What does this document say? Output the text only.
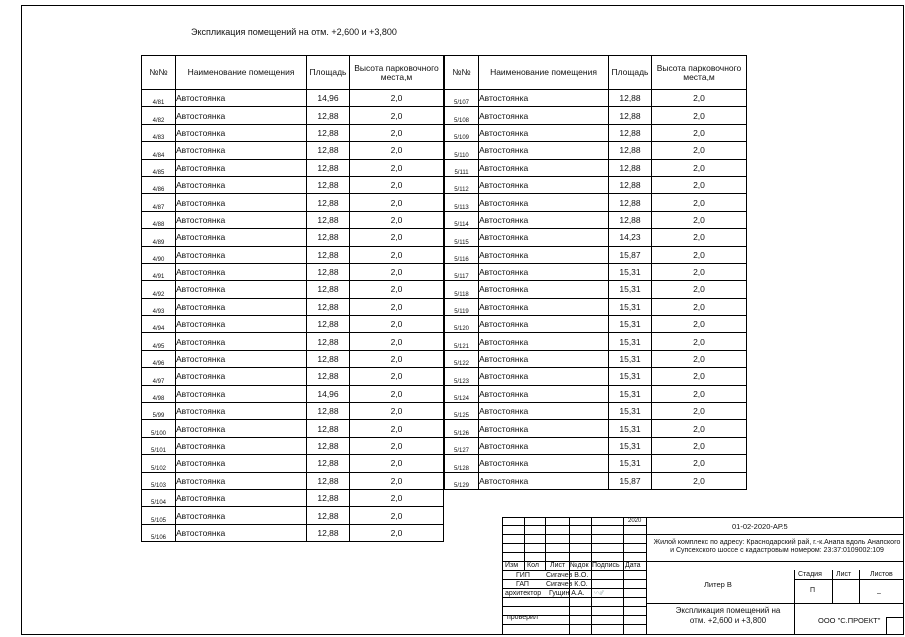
Экспликация помещений на отм. +2,600 и +3,800
№№	Наименование помещения	Площадь	Высота парковочного места,м
4/81	Автостоянка	14,96	2,0
4/82	Автостоянка	12,88	2,0
4/83	Автостоянка	12,88	2,0
4/84	Автостоянка	12,88	2,0
4/85	Автостоянка	12,88	2,0
4/86	Автостоянка	12,88	2,0
4/87	Автостоянка	12,88	2,0
4/88	Автостоянка	12,88	2,0
4/89	Автостоянка	12,88	2,0
4/90	Автостоянка	12,88	2,0
4/91	Автостоянка	12,88	2,0
4/92	Автостоянка	12,88	2,0
4/93	Автостоянка	12,88	2,0
4/94	Автостоянка	12,88	2,0
4/95	Автостоянка	12,88	2,0
4/96	Автостоянка	12,88	2,0
4/97	Автостоянка	12,88	2,0
4/98	Автостоянка	14,96	2,0
5/99	Автостоянка	12,88	2,0
5/100	Автостоянка	12,88	2,0
5/101	Автостоянка	12,88	2,0
5/102	Автостоянка	12,88	2,0
5/103	Автостоянка	12,88	2,0
5/104	Автостоянка	12,88	2,0
5/105	Автостоянка	12,88	2,0
5/106	Автостоянка	12,88	2,0
№№	Наименование помещения	Площадь	Высота парковочного места,м
5/107	Автостоянка	12,88	2,0
5/108	Автостоянка	12,88	2,0
5/109	Автостоянка	12,88	2,0
5/110	Автостоянка	12,88	2,0
5/111	Автостоянка	12,88	2,0
5/112	Автостоянка	12,88	2,0
5/113	Автостоянка	12,88	2,0
5/114	Автостоянка	12,88	2,0
5/115	Автостоянка	14,23	2,0
5/116	Автостоянка	15,87	2,0
5/117	Автостоянка	15,31	2,0
5/118	Автостоянка	15,31	2,0
5/119	Автостоянка	15,31	2,0
5/120	Автостоянка	15,31	2,0
5/121	Автостоянка	15,31	2,0
5/122	Автостоянка	15,31	2,0
5/123	Автостоянка	15,31	2,0
5/124	Автостоянка	15,31	2,0
5/125	Автостоянка	15,31	2,0
5/126	Автостоянка	15,31	2,0
5/127	Автостоянка	15,31	2,0
5/128	Автостоянка	15,31	2,0
5/129	Автостоянка	15,87	2,0
2020
01-02-2020-АР.5
Жилой комплекс по адресу: Краснодарский рай, г.-к.Анапа вдоль Анапского и Супсехского шоссе с кадастровым номером: 23:37:0109002:109
Изм Кол Лист №док Подпись Дата
ГИП Сигачев В.О.
ГАП Сигачев К.О.
архитектор Гущин А.А. 〰∕∕
проверил
Литер В
Стадия Лист	Листов
П	–
Экспликация помещений на отм. +2,600 и +3,800	ООО "С.ПРОЕКТ"
